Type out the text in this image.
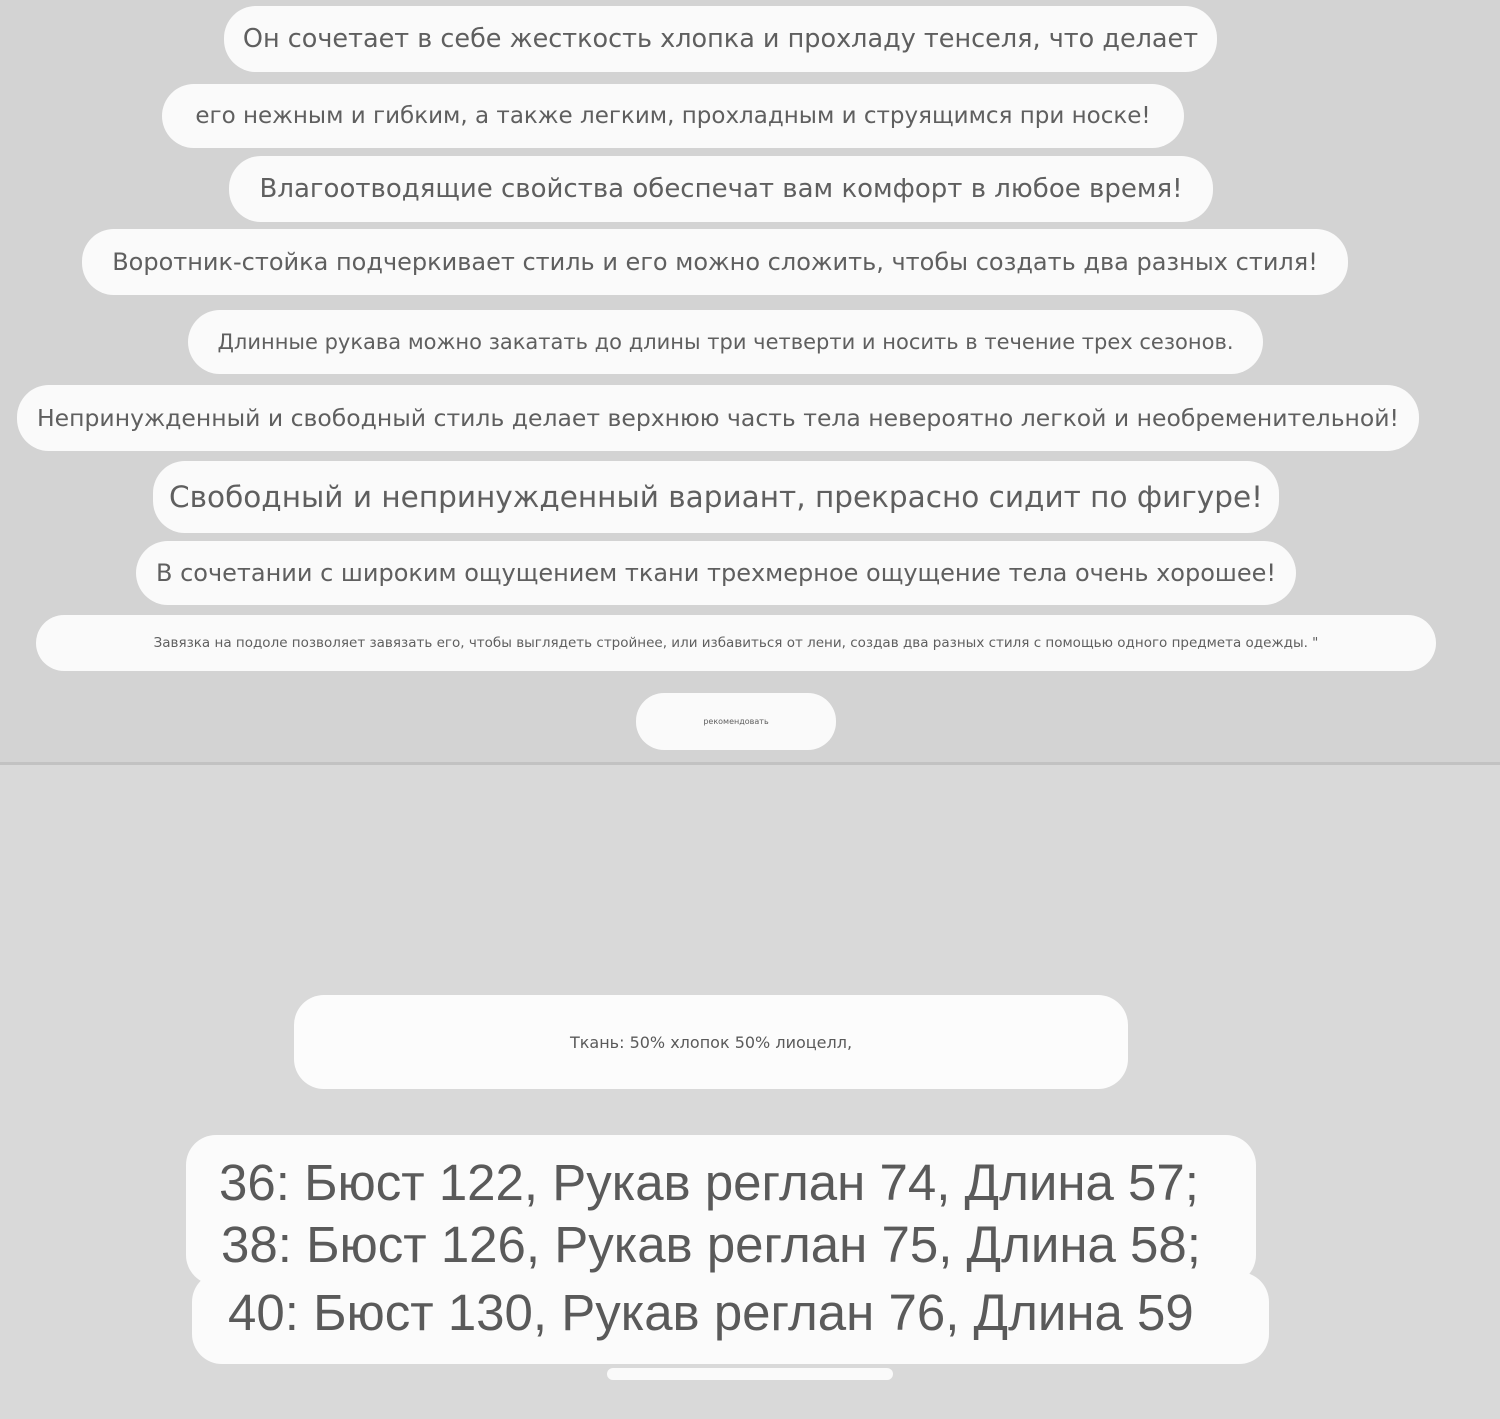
Он сочетает в себе жесткость хлопка и прохладу тенселя, что делает
его нежным и гибким, а также легким, прохладным и струящимся при носке!
Влагоотводящие свойства обеспечат вам комфорт в любое время!
Воротник-стойка подчеркивает стиль и его можно сложить, чтобы создать два разных стиля!
Длинные рукава можно закатать до длины три четверти и носить в течение трех сезонов.
Непринужденный и свободный стиль делает верхнюю часть тела невероятно легкой и необременительной!
Свободный и непринужденный вариант, прекрасно сидит по фигуре!
В сочетании с широким ощущением ткани трехмерное ощущение тела очень хорошее!
Завязка на подоле позволяет завязать его, чтобы выглядеть стройнее, или избавиться от лени, создав два разных стиля с помощью одного предмета одежды. "
рекомендовать
Ткань: 50% хлопок 50% лиоцелл,
36: Бюст 122, Рукав реглан 74, Длина 57;
38: Бюст 126, Рукав реглан 75, Длина 58;
40: Бюст 130, Рукав реглан 76, Длина 59
